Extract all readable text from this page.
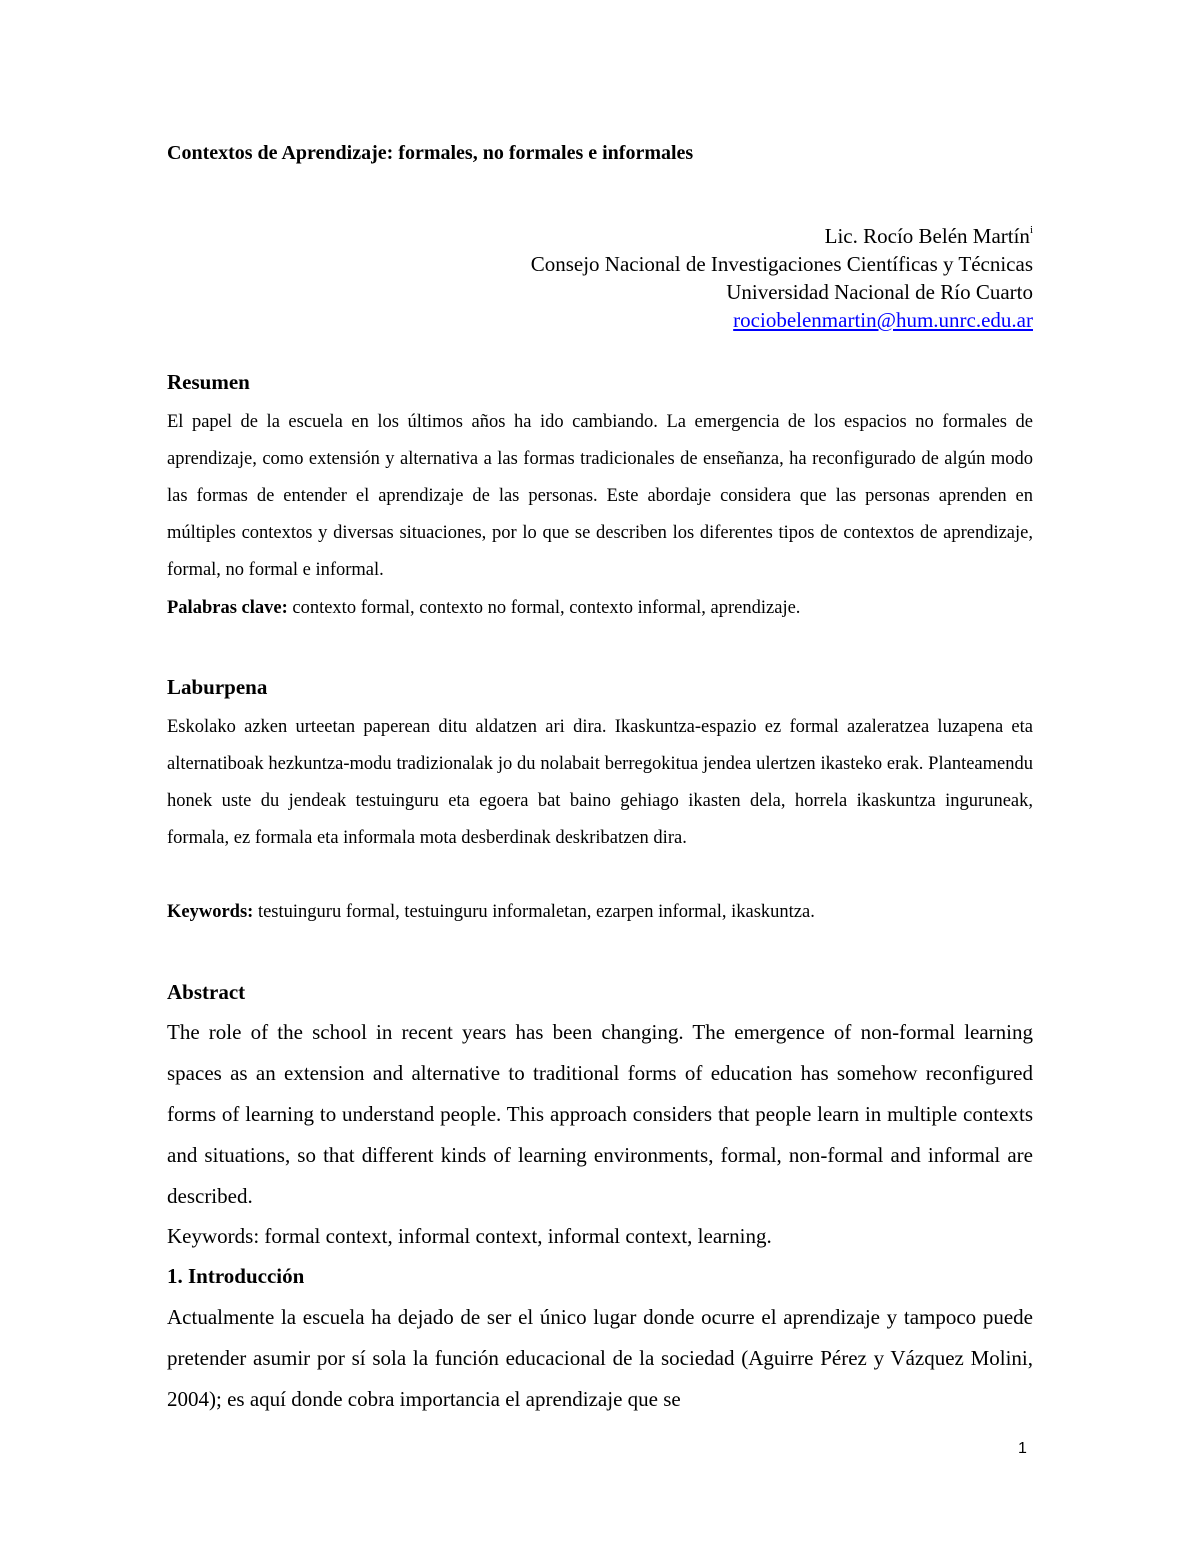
Contextos de Aprendizaje: formales, no formales e informales
Lic. Rocío Belén Martín$^i$
Consejo Nacional de Investigaciones Científicas y Técnicas
Universidad Nacional de Río Cuarto
rociobelenmartin@hum.unrc.edu.ar
Resumen
El papel de la escuela en los últimos años ha ido cambiando. La emergencia de los espacios no formales de aprendizaje, como extensión y alternativa a las formas tradicionales de enseñanza, ha reconfigurado de algún modo las formas de entender el aprendizaje de las personas. Este abordaje considera que las personas aprenden en múltiples contextos y diversas situaciones, por lo que se describen los diferentes tipos de contextos de aprendizaje, formal, no formal e informal.
Palabras clave: contexto formal, contexto no formal, contexto informal, aprendizaje.
Laburpena
Eskolako azken urteetan paperean ditu aldatzen ari dira. Ikaskuntza-espazio ez formal azaleratzea luzapena eta alternatiboak hezkuntza-modu tradizionalak jo du nolabait berregokitua jendea ulertzen ikasteko erak. Planteamendu honek uste du jendeak testuinguru eta egoera bat baino gehiago ikasten dela, horrela ikaskuntza inguruneak, formala, ez formala eta informala mota desberdinak deskribatzen dira.
Keywords: testuinguru formal, testuinguru informaletan, ezarpen informal, ikaskuntza.
Abstract
The role of the school in recent years has been changing. The emergence of non-formal learning spaces as an extension and alternative to traditional forms of education has somehow reconfigured forms of learning to understand people. This approach considers that people learn in multiple contexts and situations, so that different kinds of learning environments, formal, non-formal and informal are described.
Keywords: formal context, informal context, informal context, learning.
1. Introducción
Actualmente la escuela ha dejado de ser el único lugar donde ocurre el aprendizaje y tampoco puede pretender asumir por sí sola la función educacional de la sociedad (Aguirre Pérez y Vázquez Molini, 2004); es aquí donde cobra importancia el aprendizaje que se
1
